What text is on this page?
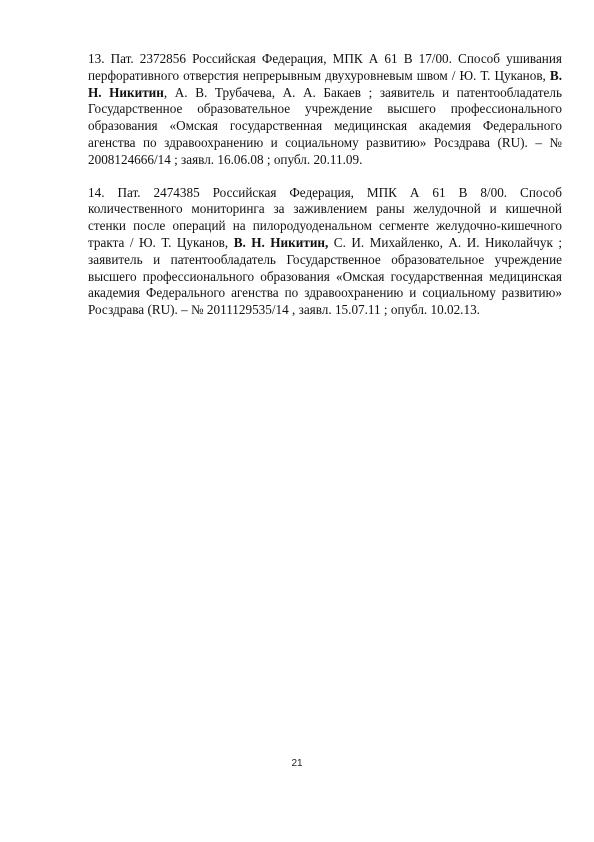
13. Пат. 2372856 Российская Федерация, МПК А 61 В 17/00. Способ ушивания перфоративного отверстия непрерывным двухуровневым швом / Ю. Т. Цуканов, В. Н. Никитин, А. В. Трубачева, А. А. Бакаев ; заявитель и патентообладатель Государственное образовательное учреждение высшего профессионального образования «Омская государственная медицинская академия Федерального агенства по здравоохранению и социальному развитию» Росздрава (RU). – № 2008124666/14 ; заявл. 16.06.08 ; опубл. 20.11.09.

14. Пат. 2474385 Российская Федерация, МПК А 61 В 8/00. Способ количественного мониторинга за заживлением раны желудочной и кишечной стенки после операций на пилородуоденальном сегменте желудочно-кишечного тракта / Ю. Т. Цуканов, В. Н. Никитин, С. И. Михайленко, А. И. Николайчук ; заявитель и патентообладатель Государственное образовательное учреждение высшего профессионального образования «Омская государственная медицинская академия Федерального агенства по здравоохранению и социальному развитию» Росздрава (RU). – № 2011129535/14 , заявл. 15.07.11 ; опубл. 10.02.13.

21
